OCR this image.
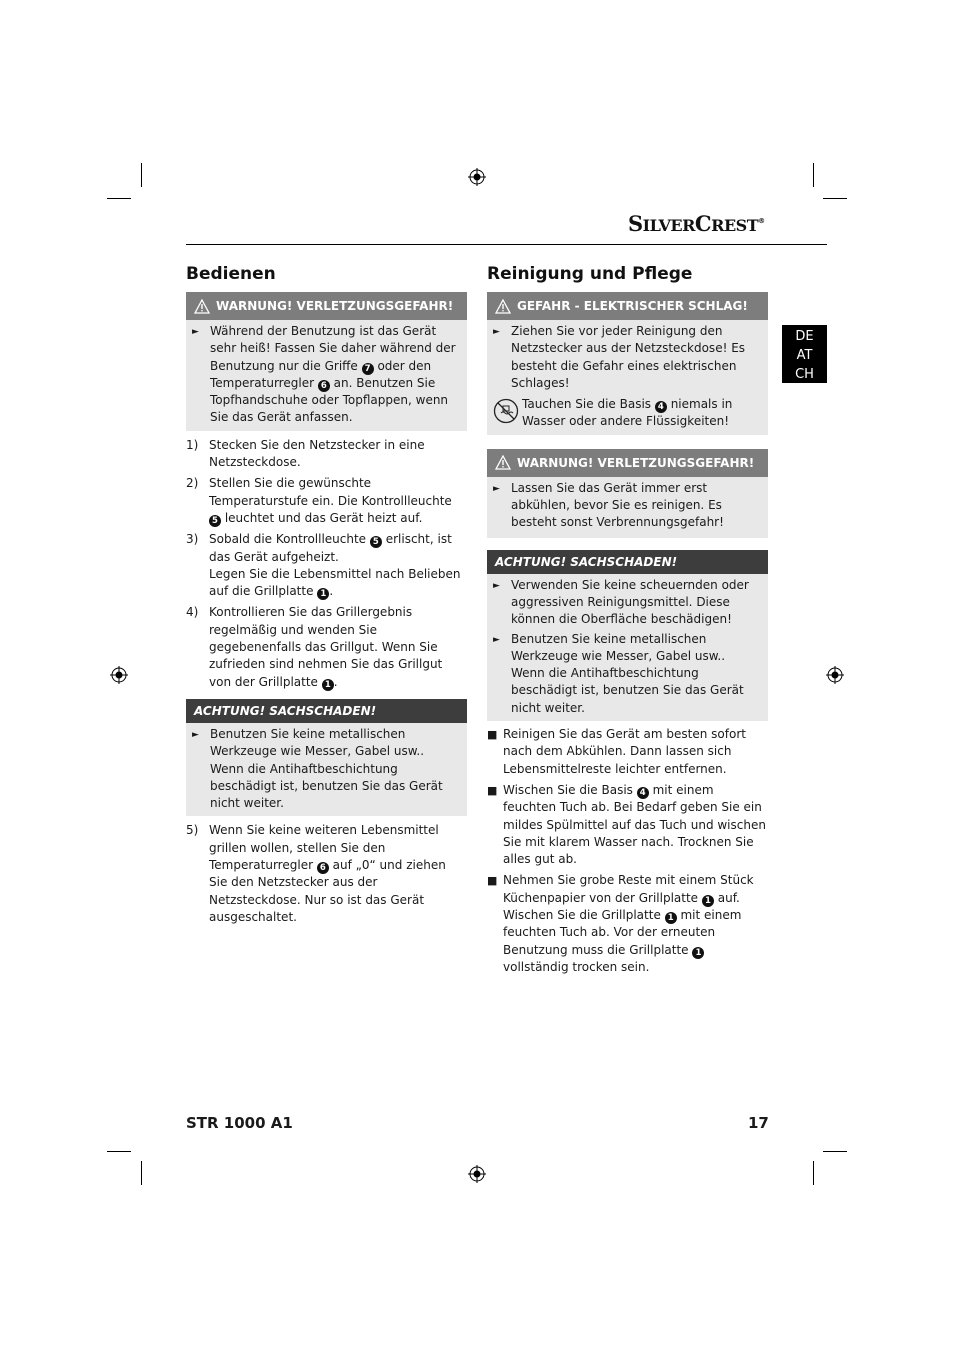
SILVERCREST®
DE
AT
CH
Bedienen
WARNUNG! VERLETZUNGSGEFAHR!
► Während der Benutzung ist das Gerät sehr heiß! Fassen Sie daher während der Benutzung nur die Griffe 7 oder den Temperaturregler 6 an. Benutzen Sie Topfhandschuhe oder Topflappen, wenn Sie das Gerät anfassen.
1) Stecken Sie den Netzstecker in eine Netzsteckdose.
2) Stellen Sie die gewünschte Temperaturstufe ein. Die Kontrollleuchte 5 leuchtet und das Gerät heizt auf.
3) Sobald die Kontrollleuchte 5 erlischt, ist das Gerät aufgeheizt.
Legen Sie die Lebensmittel nach Belieben auf die Grillplatte 1 .
4) Kontrollieren Sie das Grillergebnis regelmäßig und wenden Sie gegebenenfalls das Grillgut. Wenn Sie zufrieden sind nehmen Sie das Grillgut von der Grillplatte 1 .
ACHTUNG! SACHSCHADEN!
► Benutzen Sie keine metallischen Werkzeuge wie Messer, Gabel usw.. Wenn die Antihaftbeschichtung beschädigt ist, benutzen Sie das Gerät nicht weiter.
5) Wenn Sie keine weiteren Lebensmittel grillen wollen, stellen Sie den Temperaturregler 6 auf „0“ und ziehen Sie den Netzstecker aus der Netzsteckdose. Nur so ist das Gerät ausgeschaltet.
Reinigung und Pflege
GEFAHR - ELEKTRISCHER SCHLAG!
► Ziehen Sie vor jeder Reinigung den Netzstecker aus der Netzsteckdose! Es besteht die Gefahr eines elektrischen Schlages!
Tauchen Sie die Basis 4 niemals in Wasser oder andere Flüssigkeiten!
WARNUNG! VERLETZUNGSGEFAHR!
► Lassen Sie das Gerät immer erst abkühlen, bevor Sie es reinigen. Es besteht sonst Verbrennungsgefahr!
ACHTUNG! SACHSCHADEN!
► Verwenden Sie keine scheuernden oder aggressiven Reinigungsmittel. Diese können die Oberfläche beschädigen!
► Benutzen Sie keine metallischen Werkzeuge wie Messer, Gabel usw.. Wenn die Antihaftbeschichtung beschädigt ist, benutzen Sie das Gerät nicht weiter.
■ Reinigen Sie das Gerät am besten sofort nach dem Abkühlen. Dann lassen sich Lebensmittelreste leichter entfernen.
■ Wischen Sie die Basis 4 mit einem feuchten Tuch ab. Bei Bedarf geben Sie ein mildes Spülmittel auf das Tuch und wischen Sie mit klarem Wasser nach. Trocknen Sie alles gut ab.
■ Nehmen Sie grobe Reste mit einem Stück Küchenpapier von der Grillplatte 1 auf. Wischen Sie die Grillplatte 1 mit einem feuchten Tuch ab. Vor der erneuten Benutzung muss die Grillplatte 1 vollständig trocken sein.
STR 1000 A1	17
